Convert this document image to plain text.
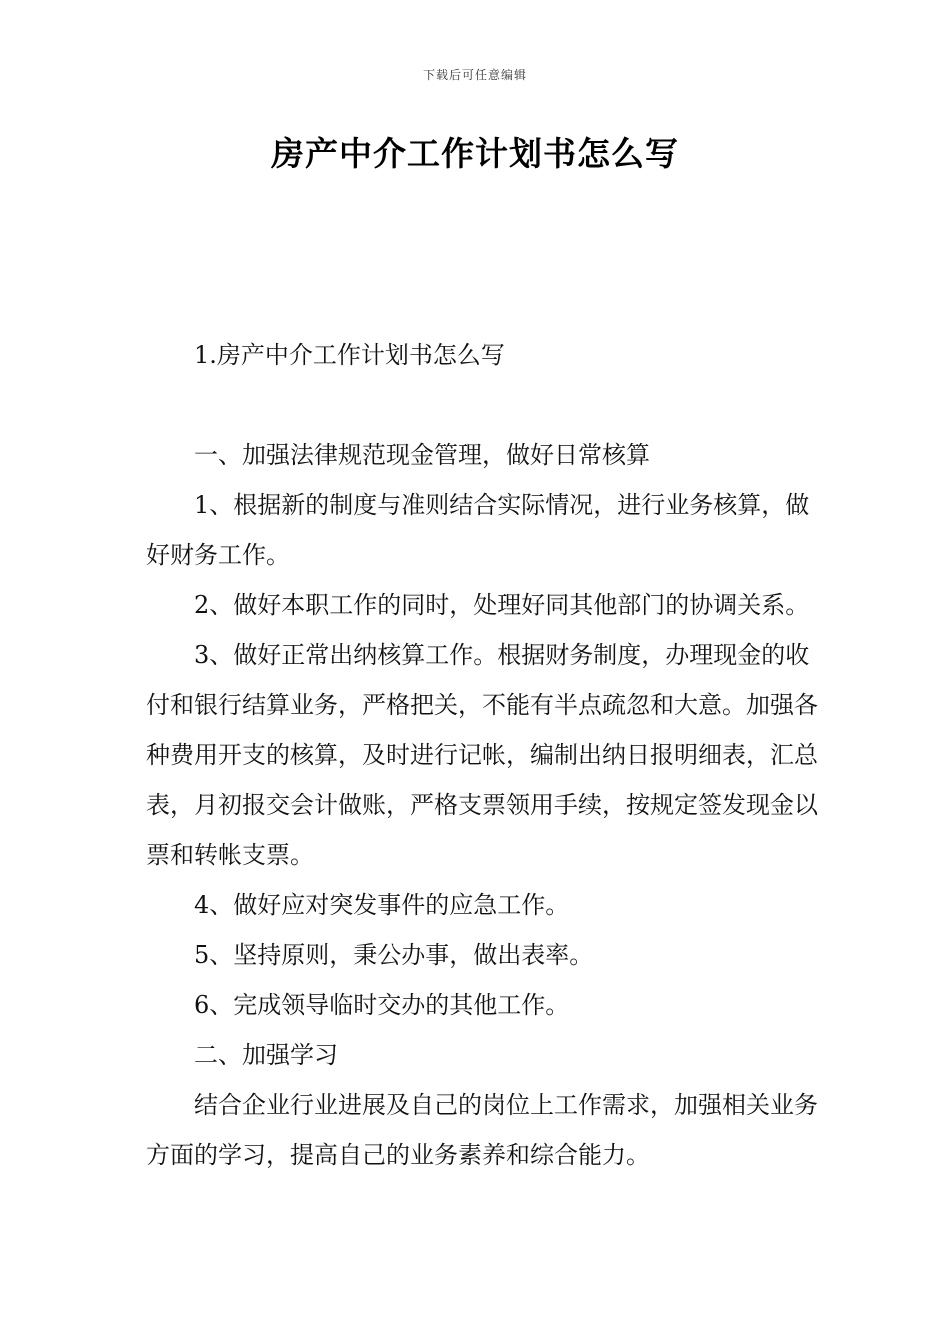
下载后可任意编辑
房产中介工作计划书怎么写

1.房产中介工作计划书怎么写

一、加强法律规范现金管理，做好日常核算

1、根据新的制度与准则结合实际情况，进行业务核算，做好财务工作。

2、做好本职工作的同时，处理好同其他部门的协调关系。

3、做好正常出纳核算工作。根据财务制度，办理现金的收付和银行结算业务，严格把关，不能有半点疏忽和大意。加强各种费用开支的核算，及时进行记帐，编制出纳日报明细表，汇总表，月初报交会计做账，严格支票领用手续，按规定签发现金以票和转帐支票。

4、做好应对突发事件的应急工作。

5、坚持原则，秉公办事，做出表率。

6、完成领导临时交办的其他工作。

二、加强学习

结合企业行业进展及自己的岗位上工作需求，加强相关业务方面的学习，提高自己的业务素养和综合能力。
